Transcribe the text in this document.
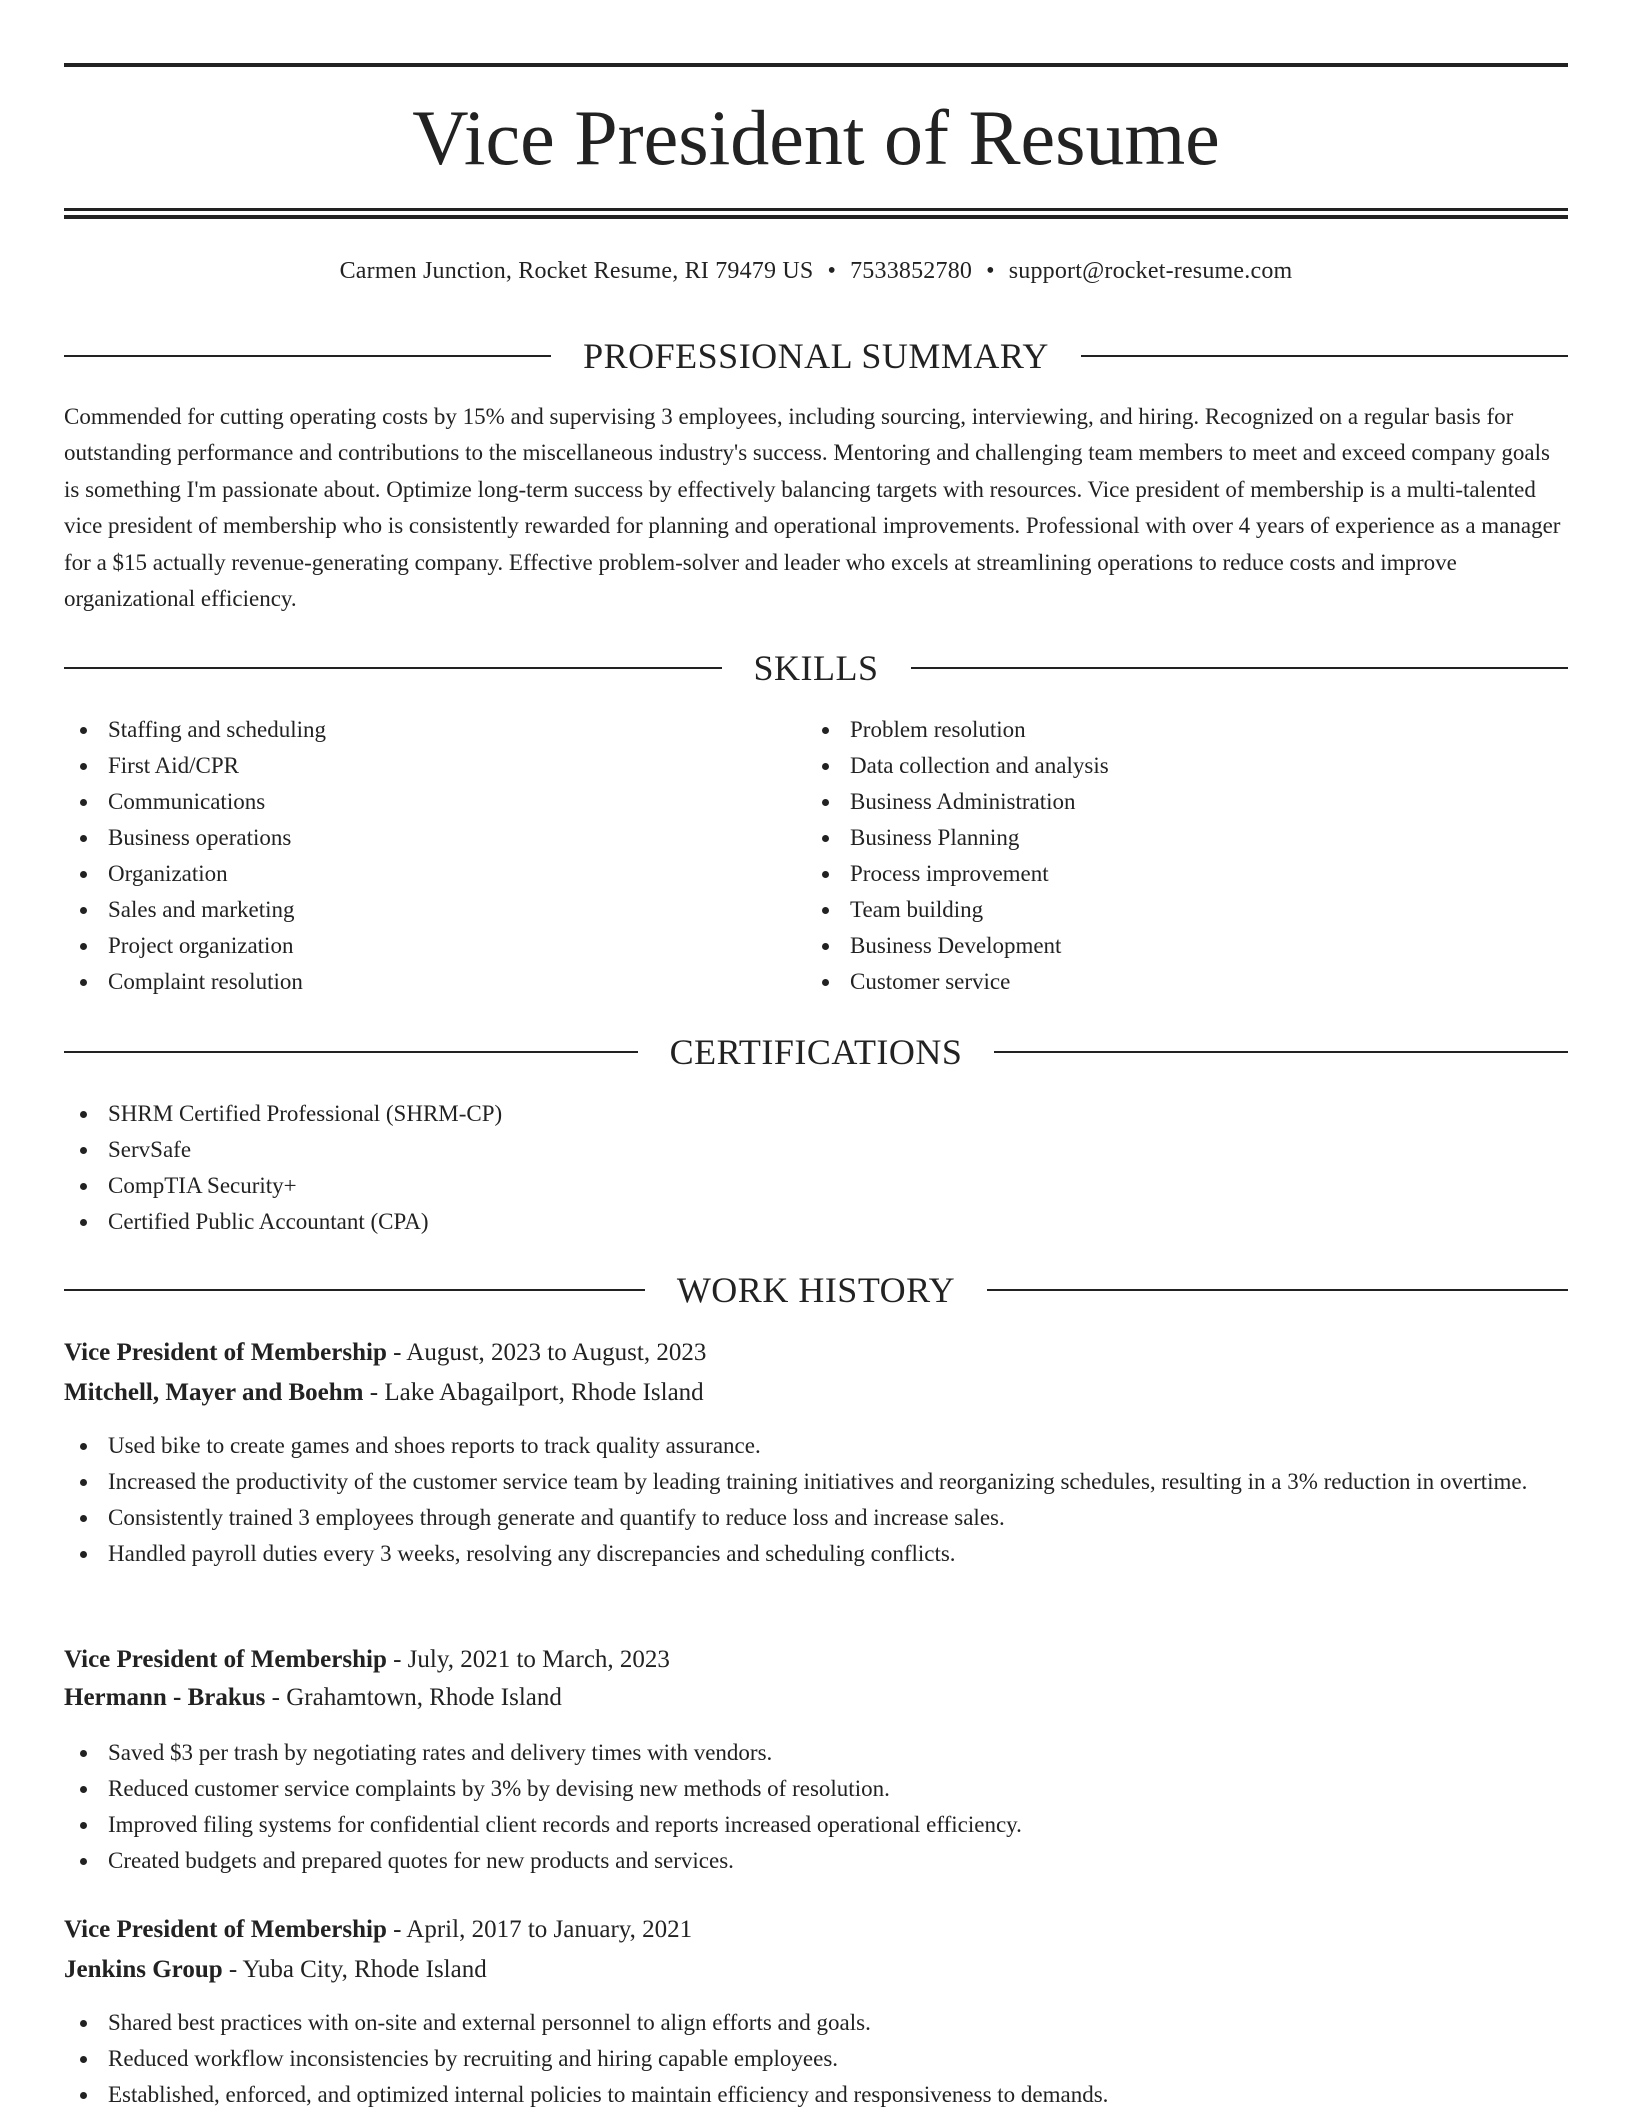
Vice President of Resume
Carmen Junction, Rocket Resume, RI 79479 US • 7533852780 • support@rocket-resume.com
PROFESSIONAL SUMMARY

Commended for cutting operating costs by 15% and supervising 3 employees, including sourcing, interviewing, and hiring. Recognized on a regular basis for outstanding performance and contributions to the miscellaneous industry's success. Mentoring and challenging team members to meet and exceed company goals is something I'm passionate about. Optimize long-term success by effectively balancing targets with resources. Vice president of membership is a multi-talented vice president of membership who is consistently rewarded for planning and operational improvements. Professional with over 4 years of experience as a manager for a $15 actually revenue-generating company. Effective problem-solver and leader who excels at streamlining operations to reduce costs and improve organizational efficiency.

SKILLS
Staffing and scheduling
First Aid/CPR
Communications
Business operations
Organization
Sales and marketing
Project organization
Complaint resolution
Problem resolution
Data collection and analysis
Business Administration
Business Planning
Process improvement
Team building
Business Development
Customer service
CERTIFICATIONS
SHRM Certified Professional (SHRM-CP)
ServSafe
CompTIA Security+
Certified Public Accountant (CPA)
WORK HISTORY
Vice President of Membership - August, 2023 to August, 2023
Mitchell, Mayer and Boehm - Lake Abagailport, Rhode Island
Used bike to create games and shoes reports to track quality assurance.
Increased the productivity of the customer service team by leading training initiatives and reorganizing schedules, resulting in a 3% reduction in overtime.
Consistently trained 3 employees through generate and quantify to reduce loss and increase sales.
Handled payroll duties every 3 weeks, resolving any discrepancies and scheduling conflicts.
Vice President of Membership - July, 2021 to March, 2023
Hermann - Brakus - Grahamtown, Rhode Island
Saved $3 per trash by negotiating rates and delivery times with vendors.
Reduced customer service complaints by 3% by devising new methods of resolution.
Improved filing systems for confidential client records and reports increased operational efficiency.
Created budgets and prepared quotes for new products and services.
Vice President of Membership - April, 2017 to January, 2021
Jenkins Group - Yuba City, Rhode Island
Shared best practices with on-site and external personnel to align efforts and goals.
Reduced workflow inconsistencies by recruiting and hiring capable employees.
Established, enforced, and optimized internal policies to maintain efficiency and responsiveness to demands.
